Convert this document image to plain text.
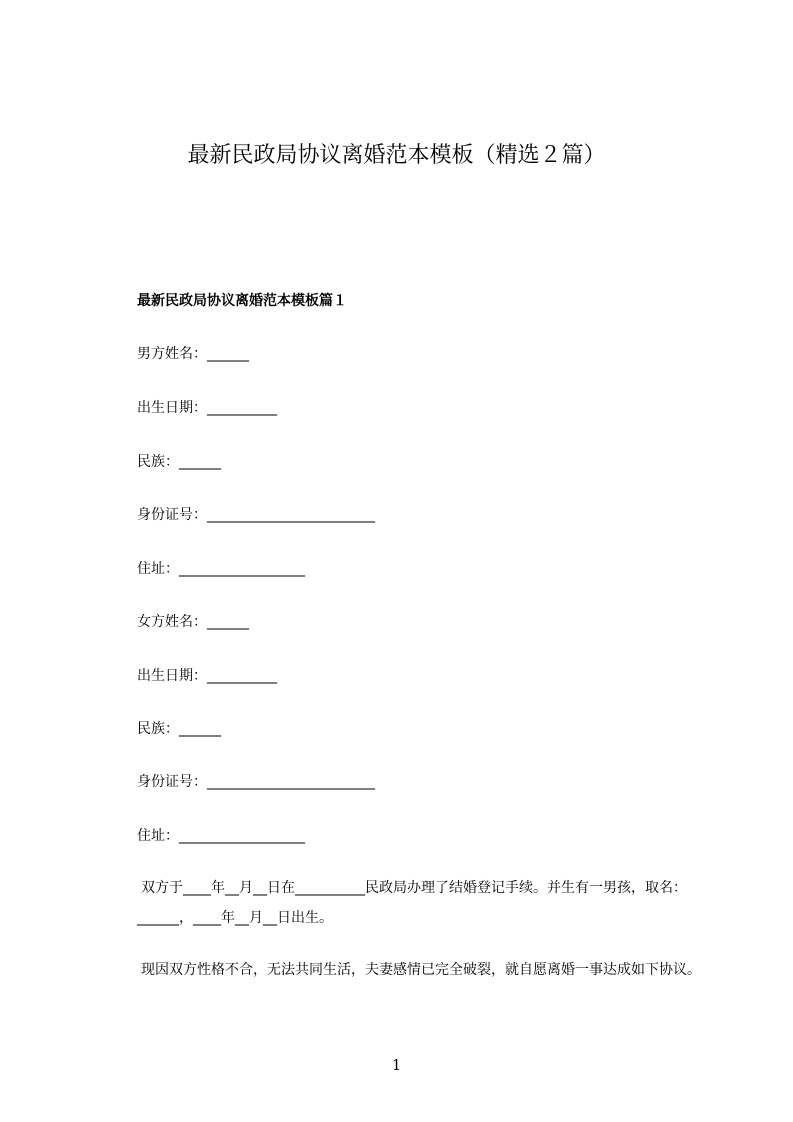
最新民政局协议离婚范本模板（精选２篇）
最新民政局协议离婚范本模板篇１
男方姓名：______
出生日期：__________
民族：______
身份证号：________________________
住址：__________________
女方姓名：______
出生日期：__________
民族：______
身份证号：________________________
住址：__________________
双方于____年__月__日在__________民政局办理了结婚登记手续。并生有一男孩，取名：______，____年__月__日出生。
现因双方性格不合，无法共同生活，夫妻感情已完全破裂，就自愿离婚一事达成如下协议。
1
